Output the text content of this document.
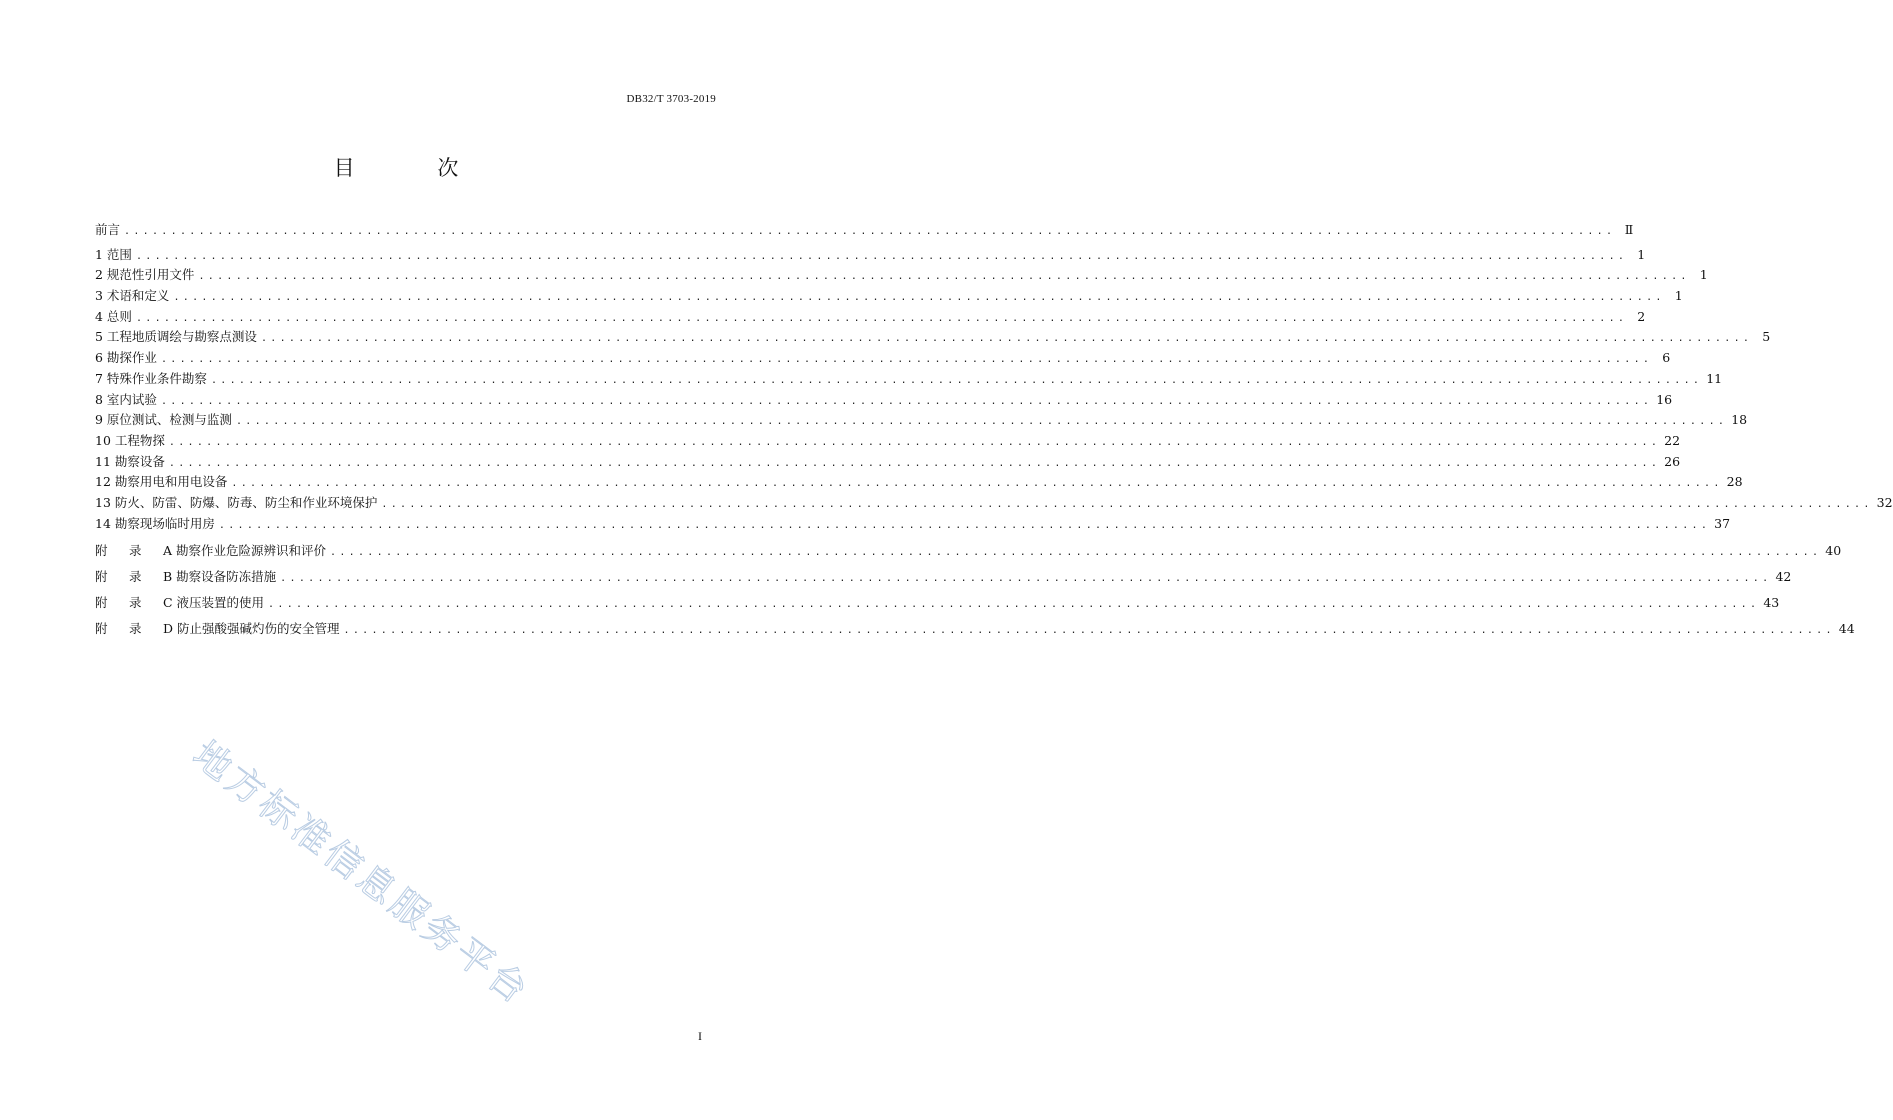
DB32/T 3703-2019
目 次
前言 ................................................................................................................................................................ Ⅱ
1 范围 ................................................................................................................................................................ 1
2 规范性引用文件 ................................................................................................................................................................ 1
3 术语和定义 ................................................................................................................................................................ 1
4 总则 ................................................................................................................................................................ 2
5 工程地质调绘与勘察点测设 ................................................................................................................................................................ 5
6 勘探作业 ................................................................................................................................................................ 6
7 特殊作业条件勘察 ................................................................................................................................................................ 11
8 室内试验 ................................................................................................................................................................ 16
9 原位测试、检测与监测 ................................................................................................................................................................ 18
10 工程物探 ................................................................................................................................................................ 22
11 勘察设备 ................................................................................................................................................................ 26
12 勘察用电和用电设备 ................................................................................................................................................................ 28
13 防火、防雷、防爆、防毒、防尘和作业环境保护 ................................................................................................................................................................ 32
14 勘察现场临时用房 ................................................................................................................................................................ 37
附 录	A 勘察作业危险源辨识和评价 ................................................................................................................................................................ 40
附 录	B 勘察设备防冻措施 ................................................................................................................................................................ 42
附 录	C 液压装置的使用 ................................................................................................................................................................ 43
附 录	D 防止强酸强碱灼伤的安全管理 ................................................................................................................................................................ 44
地方标准信息服务平台
I
